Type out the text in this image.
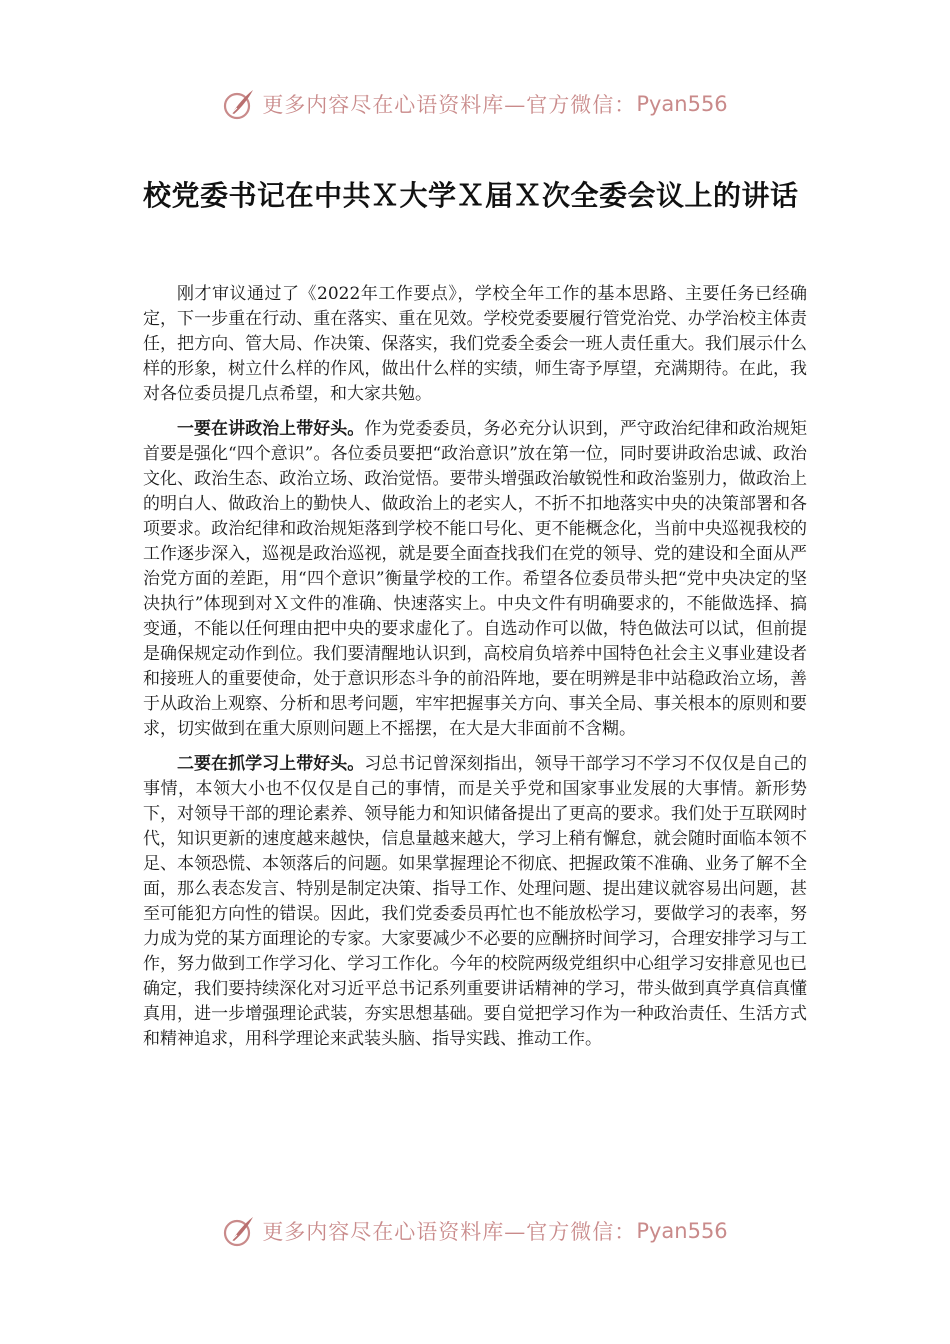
更多内容尽在心语资料库—官方微信： Pyan556
校党委书记在中共Ｘ大学Ｘ届Ｘ次全委会议上的讲话

刚才审议通过了《2022年工作要点》，学校全年工作的基本思路、主要任务已经确定，下一步重在行动、重在落实、重在见效。学校党委要履行管党治党、办学治校主体责任，把方向、管大局、作决策、保落实，我们党委全委会一班人责任重大。我们展示什么样的形象，树立什么样的作风，做出什么样的实绩，师生寄予厚望，充满期待。在此，我对各位委员提几点希望，和大家共勉。

一要在讲政治上带好头。作为党委委员，务必充分认识到，严守政治纪律和政治规矩首要是强化“四个意识”。各位委员要把“政治意识”放在第一位，同时要讲政治忠诚、政治文化、政治生态、政治立场、政治觉悟。要带头增强政治敏锐性和政治鉴别力，做政治上的明白人、做政治上的勤快人、做政治上的老实人，不折不扣地落实中央的决策部署和各项要求。政治纪律和政治规矩落到学校不能口号化、更不能概念化，当前中央巡视我校的工作逐步深入，巡视是政治巡视，就是要全面查找我们在党的领导、党的建设和全面从严治党方面的差距，用“四个意识”衡量学校的工作。希望各位委员带头把“党中央决定的坚决执行”体现到对Ｘ文件的准确、快速落实上。中央文件有明确要求的，不能做选择、搞变通，不能以任何理由把中央的要求虚化了。自选动作可以做，特色做法可以试，但前提是确保规定动作到位。我们要清醒地认识到，高校肩负培养中国特色社会主义事业建设者和接班人的重要使命，处于意识形态斗争的前沿阵地，要在明辨是非中站稳政治立场，善于从政治上观察、分析和思考问题，牢牢把握事关方向、事关全局、事关根本的原则和要求，切实做到在重大原则问题上不摇摆，在大是大非面前不含糊。

二要在抓学习上带好头。习总书记曾深刻指出，领导干部学习不学习不仅仅是自己的事情，本领大小也不仅仅是自己的事情，而是关乎党和国家事业发展的大事情。新形势下，对领导干部的理论素养、领导能力和知识储备提出了更高的要求。我们处于互联网时代，知识更新的速度越来越快，信息量越来越大，学习上稍有懈怠，就会随时面临本领不足、本领恐慌、本领落后的问题。如果掌握理论不彻底、把握政策不准确、业务了解不全面，那么表态发言、特别是制定决策、指导工作、处理问题、提出建议就容易出问题，甚至可能犯方向性的错误。因此，我们党委委员再忙也不能放松学习，要做学习的表率，努力成为党的某方面理论的专家。大家要减少不必要的应酬挤时间学习，合理安排学习与工作，努力做到工作学习化、学习工作化。今年的校院两级党组织中心组学习安排意见也已确定，我们要持续深化对习近平总书记系列重要讲话精神的学习，带头做到真学真信真懂真用，进一步增强理论武装，夯实思想基础。要自觉把学习作为一种政治责任、生活方式和精神追求，用科学理论来武装头脑、指导实践、推动工作。

更多内容尽在心语资料库—官方微信： Pyan556
